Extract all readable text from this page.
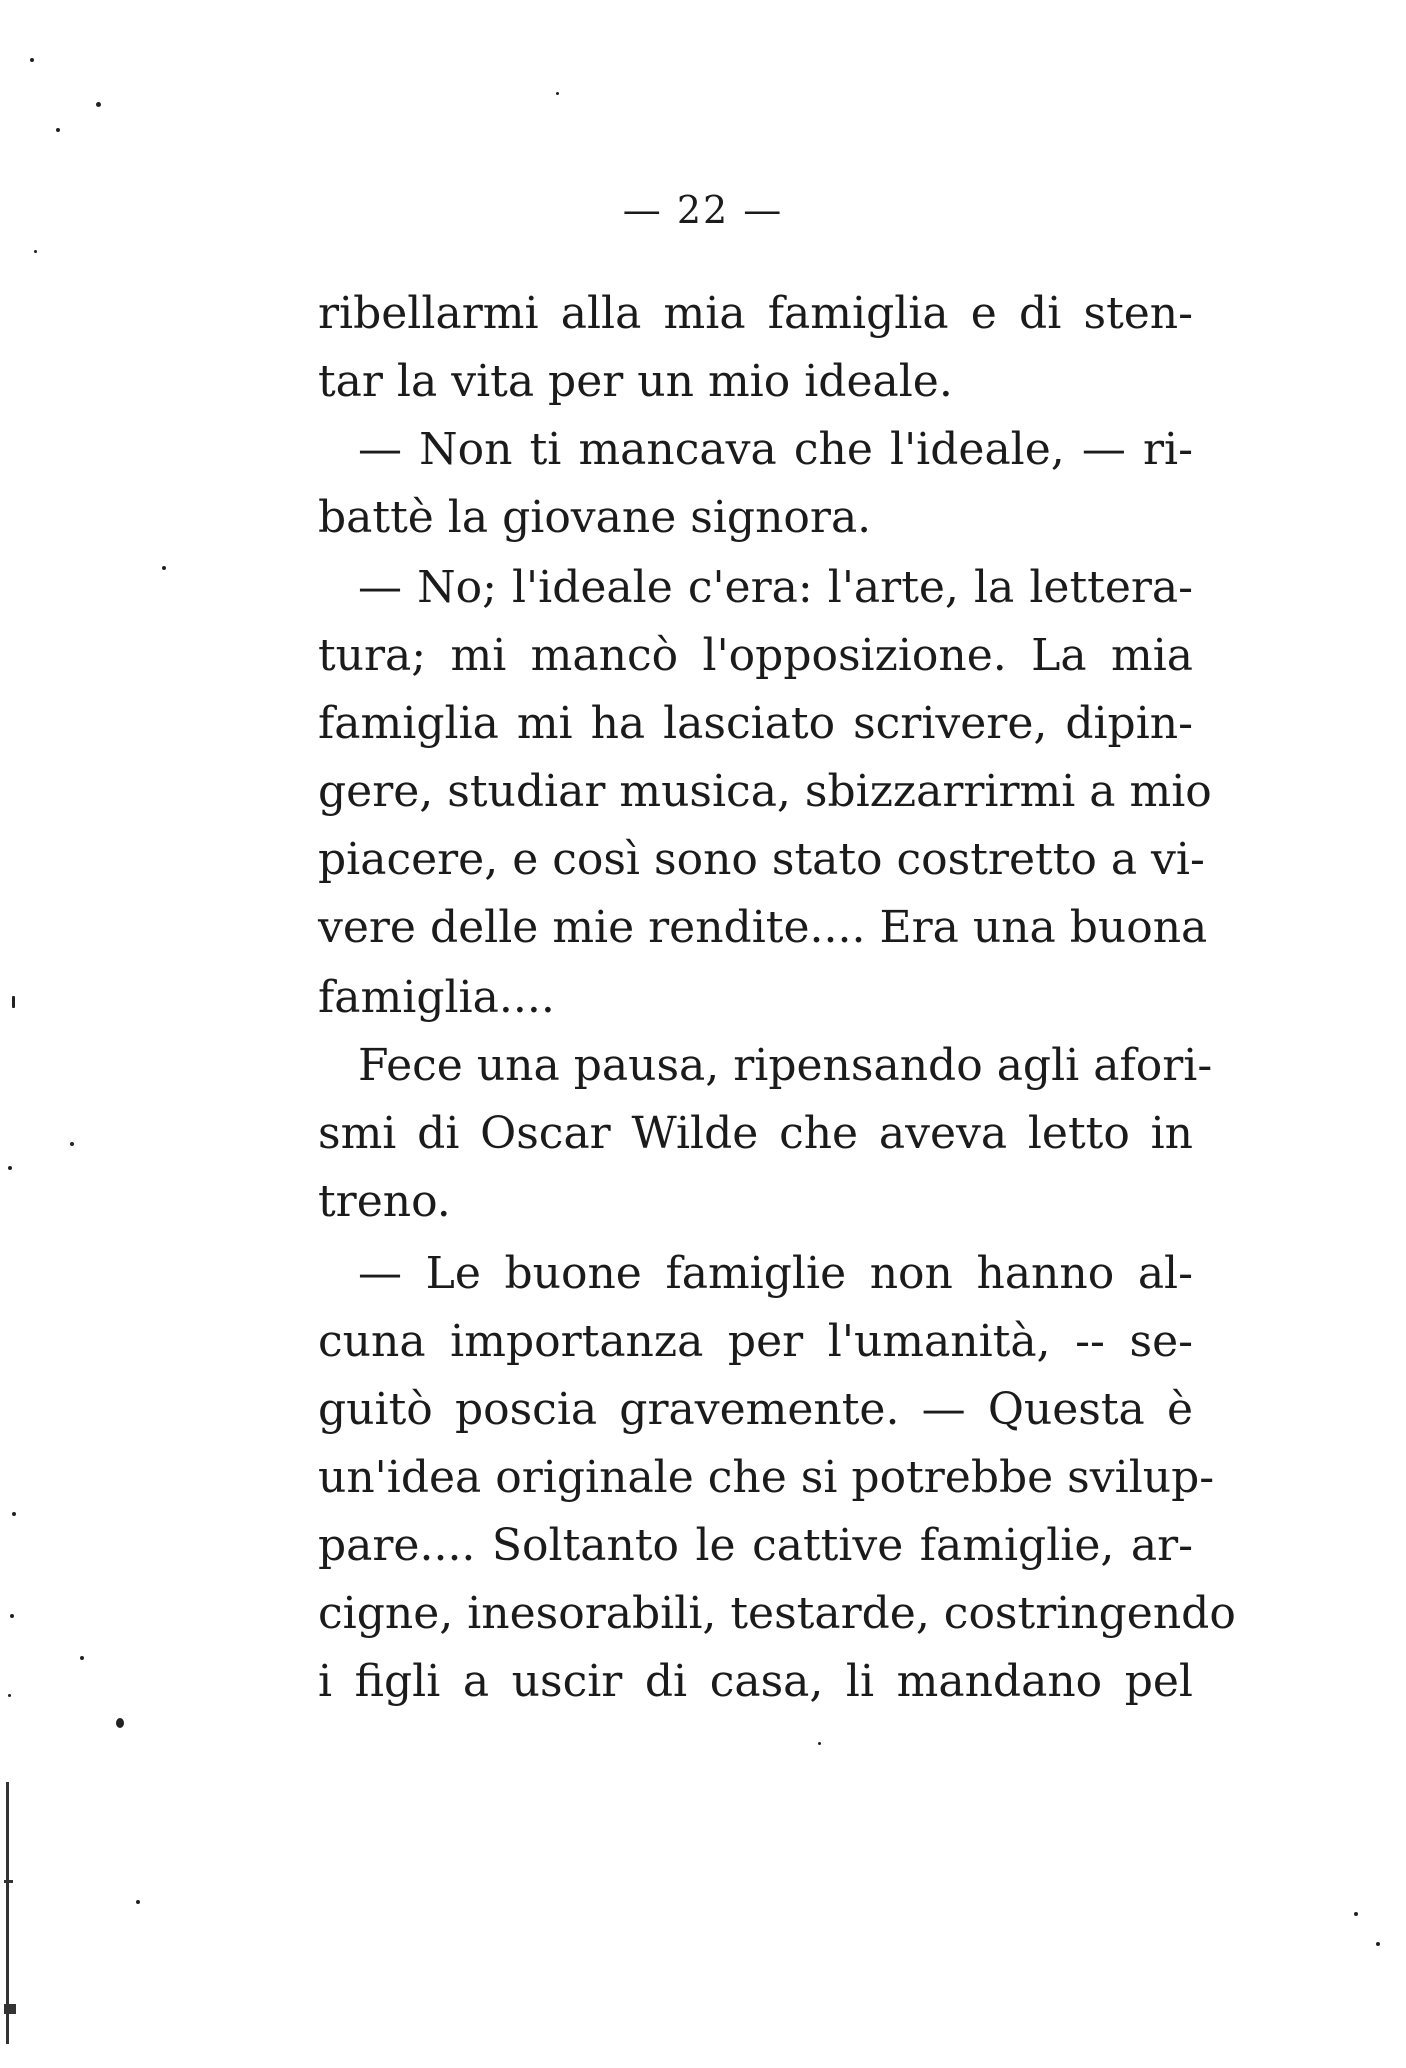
— 22 —
ribellarmi alla mia famiglia e di sten-
tar la vita per un mio ideale.
— Non ti mancava che l'ideale, — ri-
battè la giovane signora.
— No; l'ideale c'era: l'arte, la lettera-
tura; mi mancò l'opposizione. La mia
famiglia mi ha lasciato scrivere, dipin-
gere, studiar musica, sbizzarrirmi a mio
piacere, e così sono stato costretto a vi-
vere delle mie rendite.... Era una buona
famiglia....
Fece una pausa, ripensando agli afori-
smi di Oscar Wilde che aveva letto in
treno.
— Le buone famiglie non hanno al-
cuna importanza per l'umanità, -- se-
guitò poscia gravemente. — Questa è
un'idea originale che si potrebbe svilup-
pare.... Soltanto le cattive famiglie, ar-
cigne, inesorabili, testarde, costringendo
i figli a uscir di casa, li mandano pel
